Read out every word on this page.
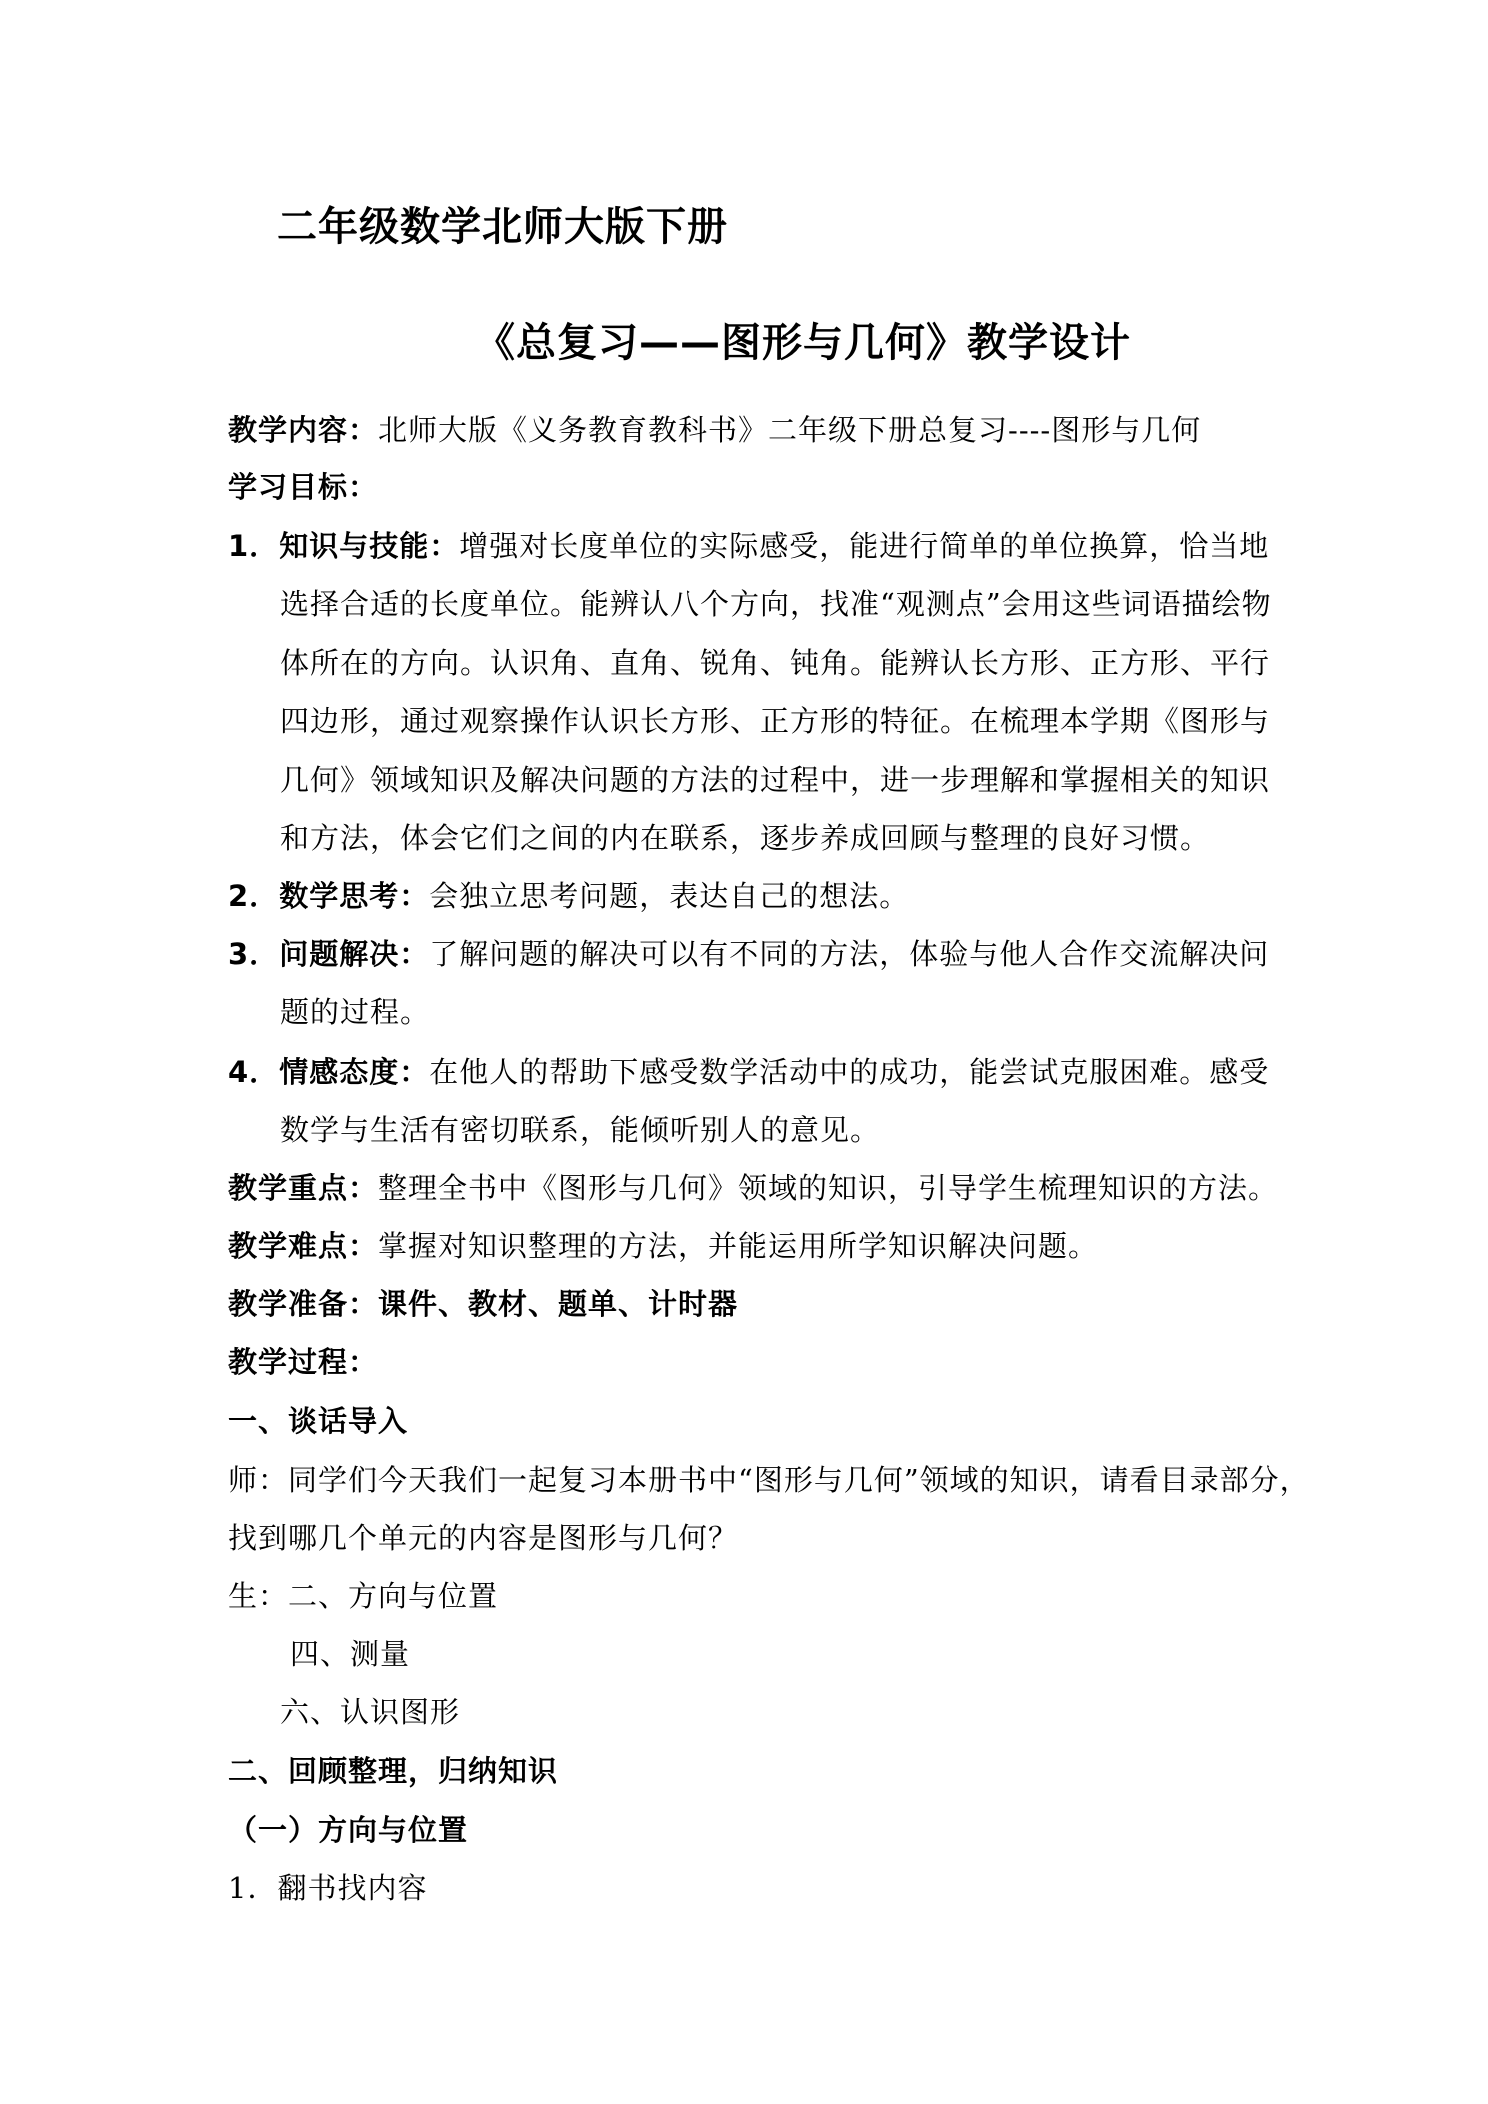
二年级数学北师大版下册
《总复习——图形与几何》教学设计
教学内容：北师大版《义务教育教科书》二年级下册总复习----图形与几何
学习目标：
1．知识与技能：增强对长度单位的实际感受，能进行简单的单位换算，恰当地
选择合适的长度单位。能辨认八个方向，找准“观测点”会用这些词语描绘物
体所在的方向。认识角、直角、锐角、钝角。能辨认长方形、正方形、平行
四边形，通过观察操作认识长方形、正方形的特征。在梳理本学期《图形与
几何》领域知识及解决问题的方法的过程中，进一步理解和掌握相关的知识
和方法，体会它们之间的内在联系，逐步养成回顾与整理的良好习惯。
2．数学思考：会独立思考问题，表达自己的想法。
3．问题解决：了解问题的解决可以有不同的方法，体验与他人合作交流解决问
题的过程。
4．情感态度：在他人的帮助下感受数学活动中的成功，能尝试克服困难。感受
数学与生活有密切联系，能倾听别人的意见。
教学重点：整理全书中《图形与几何》领域的知识，引导学生梳理知识的方法。
教学难点：掌握对知识整理的方法，并能运用所学知识解决问题。
教学准备：课件、教材、题单、计时器
教学过程：
一、谈话导入
师：同学们今天我们一起复习本册书中“图形与几何”领域的知识，请看目录部分，
找到哪几个单元的内容是图形与几何？
生：二、方向与位置
四、测量
六、认识图形
二、回顾整理，归纳知识
（一）方向与位置
1．翻书找内容
